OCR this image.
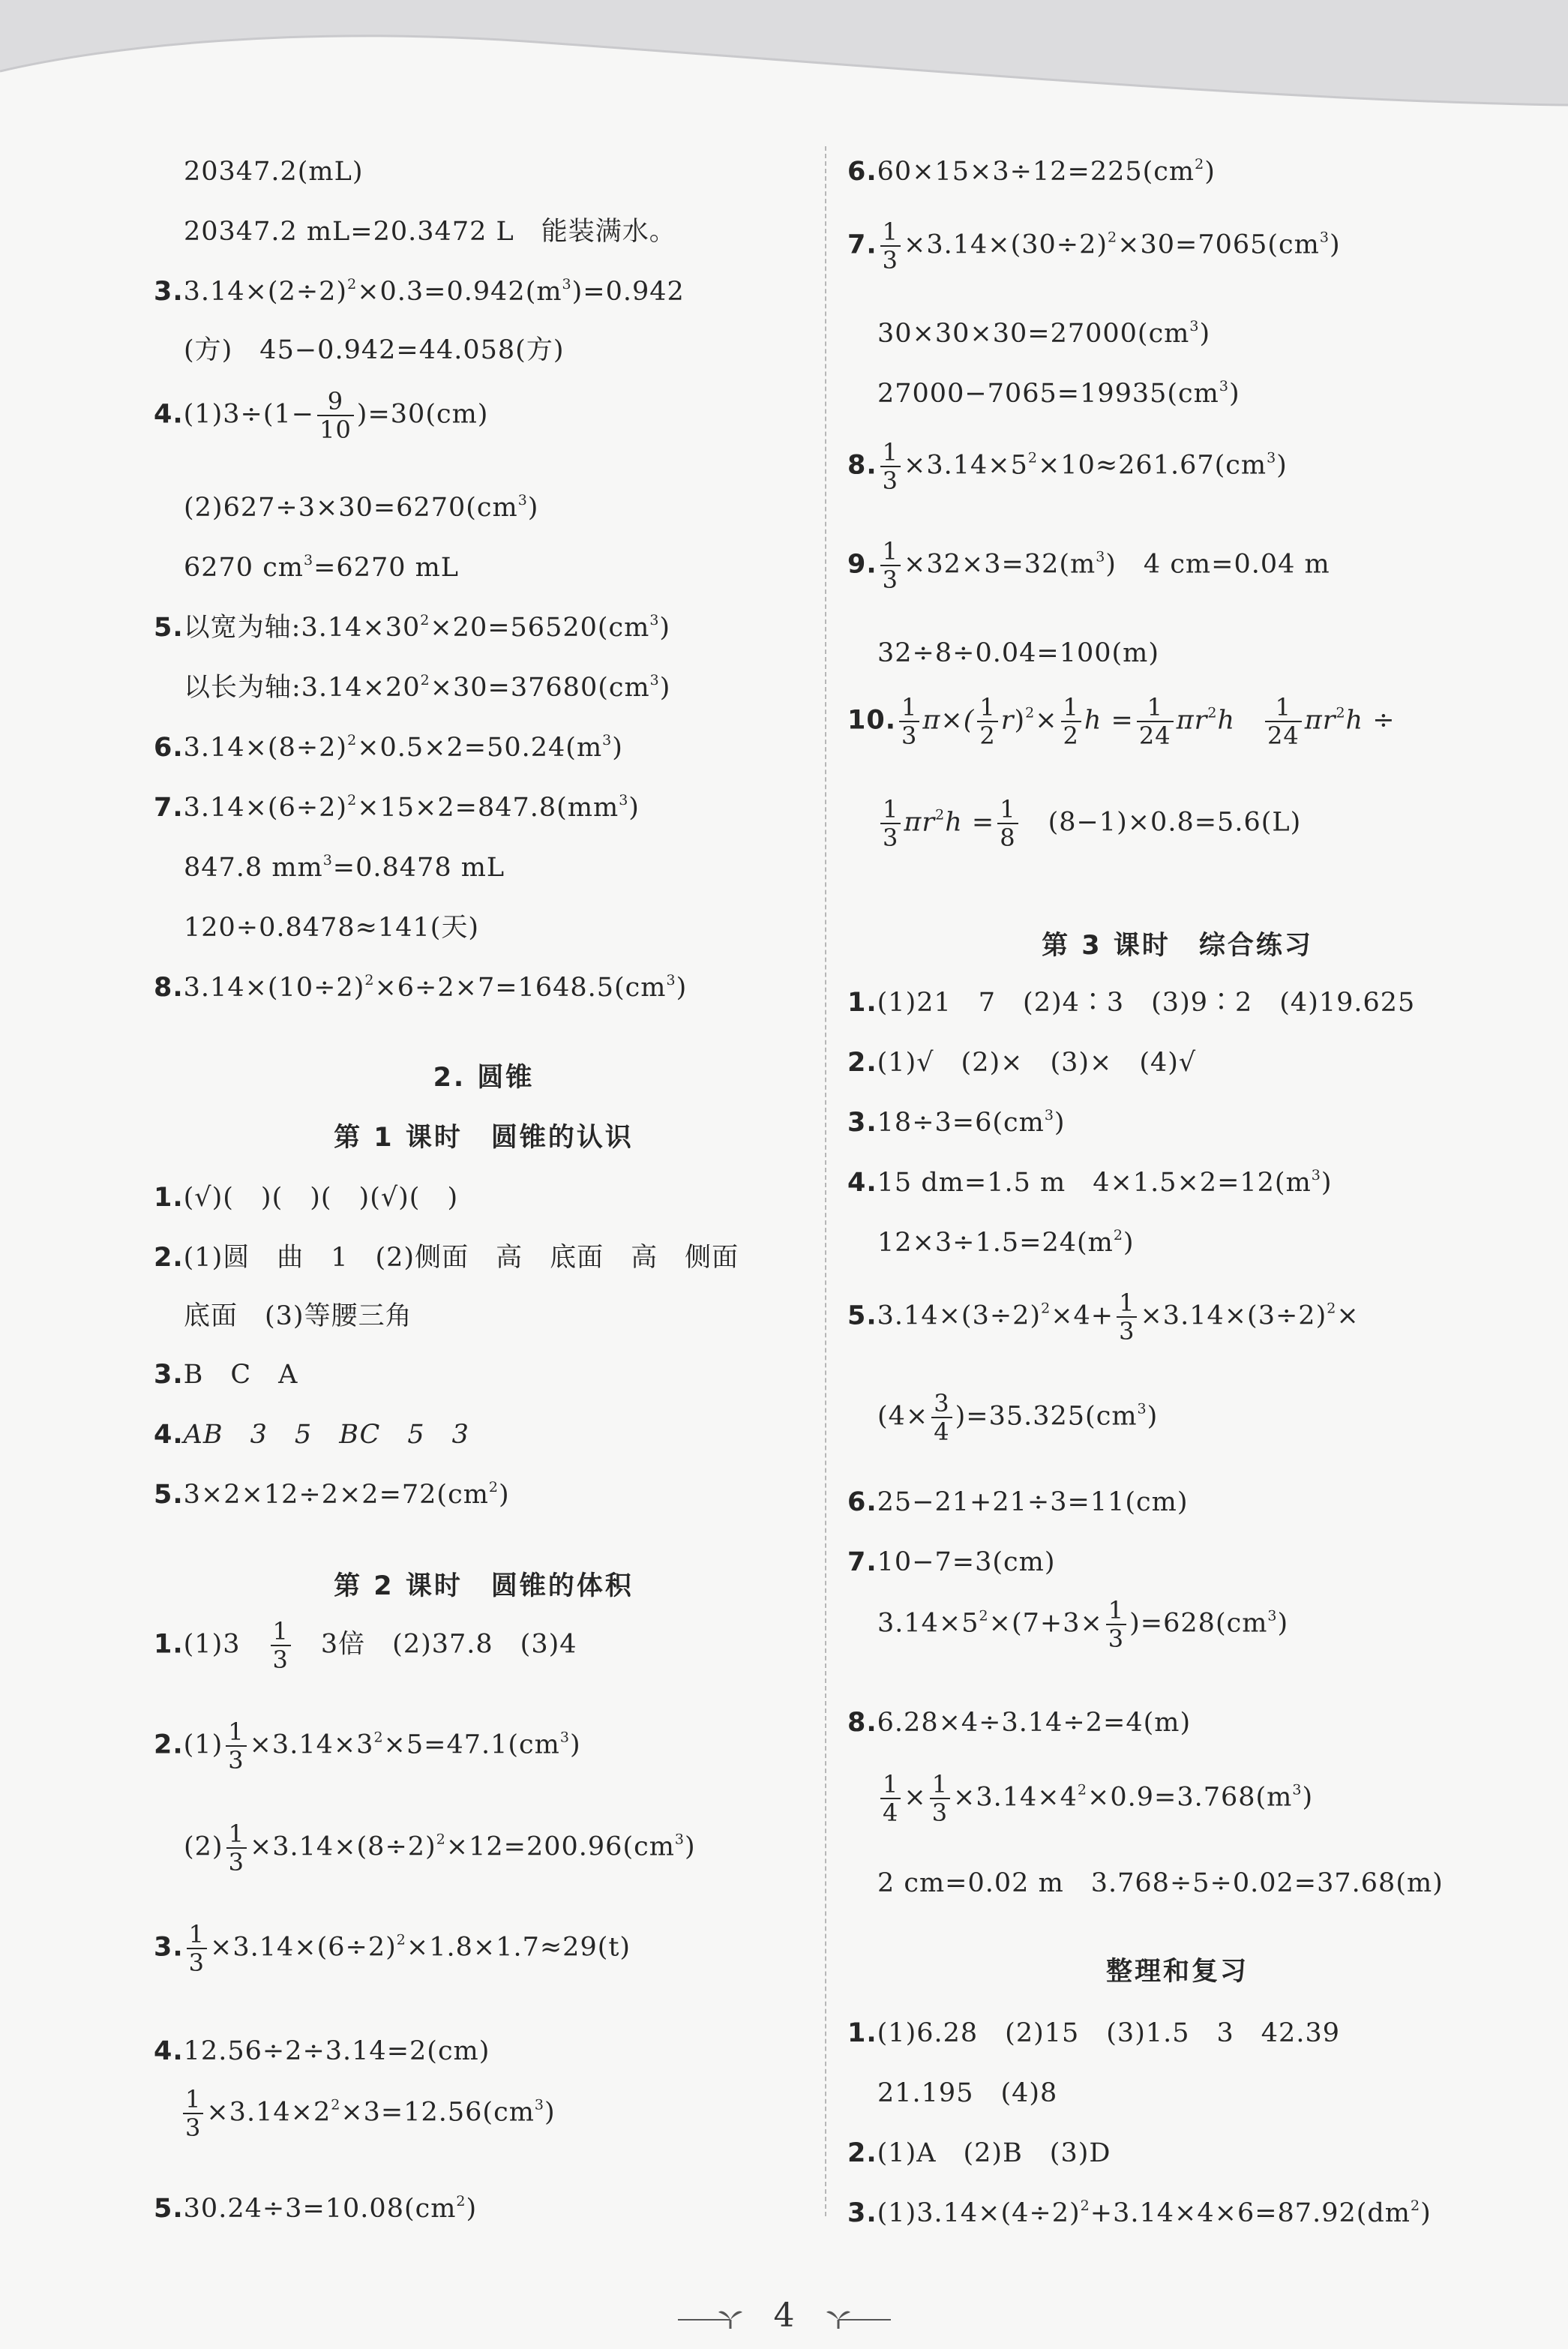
20347.2(mL)
20347.2 mL=20.3472 L　能装满水。
$3.3.14\times(2\div 2)^2\times 0.3=0.942(m^3)=0.942$
(方)　45−0.942=44.058(方)
$4.(1)3\div(1- \frac{9}{10} )=30(cm)$
$(2)627\div 3\times 30=6270(cm^3)$
6270 $cm^3=6270$ mL
5.以宽为轴$:3.14\times 30^2\times 20=56520(cm^3)$
以长为轴$:3.14\times 20^2\times 30=37680(cm^3)$
$6.3.14\times(8\div 2)^2\times 0.5\times 2=50.24(m^3)$
$7.3.14\times(6\div 2)^2\times 15\times 2=847.8(mm^3)$
847.8 $mm^3=0.8478$ mL
120÷0.8478≈141(天)
$8.3.14\times(10\div 2)^2\times 6\div 2\times 7=1648.5(cm^3)$
2. 圆锥
第 1 课时　圆锥的认识
1.(√)(　)(　)(　)(√)(　)
2.(1)圆　曲　1　(2)侧面　高　底面　高　侧面
底面　(3)等腰三角
3.B　C　A
4.AB　3　5　BC　5　3
$5.3\times 2\times 12\div 2\times 2=72(cm^2)$
第 2 课时　圆锥的体积
1.(1)3　 $\frac{1}{3}$
　 3倍　(2)37.8　(3)4
$2.(1) \frac{1}{3} \times 3.14\times 3^2\times 5=47.1(cm^3)$
$(2) \frac{1}{3} \times 3.14\times(8\div 2)^2\times 12=200.96(cm^3)$
3. $\frac{1}{3} \times 3.14\times(6\div 2)^2\times 1.8\times 1.7\approx 29(t)$
4.12.56÷2÷3.14=2(cm)
$\frac{1}{3} \times 3.14\times 2^2\times 3=12.56(cm^3)$
$5.30.24\div 3=10.08(cm^2)$
$6.60\times 15\times 3\div 12=225(cm^2)$
7. $\frac{1}{3} \times 3.14\times(30\div 2)^2\times 30=7065(cm^3)$
$30\times 30\times 30=27000(cm^3)$
$27000-7065=19935(cm^3)$
8. $\frac{1}{3} \times 3.14\times 5^2\times 10\approx 261.67(cm^3)$
9. $\frac{1}{3} \times 32\times 3=32(m^3)$　4 cm=0.04 m
32÷8÷0.04=100(m)
10. $\frac{1}{3} \pi\times( \frac{1}{2} r)^2\times \frac{1}{2}$ $h = \frac{1}{24} \pi r^2h$　 $\frac{1}{24} \pi r^2h$ ÷
$\frac{1}{3} \pi r^2h = \frac{1}{8}$
　 (8−1)×0.8=5.6(L)
第 3 课时　综合练习
1.(1)21　7　(2)4∶3　(3)9∶2　(4)19.625
2.(1)√　(2)×　(3)×　(4)√
$3.18\div 3=6(cm^3)$
4.15 dm=1.5 m　$4\times 1.5\times 2=12(m^3)$
$12\times 3\div 1.5=24(m^2)$
$5.3.14\times(3\div 2)^2\times 4+ \frac{1}{3} \times 3.14\times(3\div 2)^2\times$
$(4\times \frac{3}{4} )=35.325(cm^3)$
6.25−21+21÷3=11(cm)
7.10−7=3(cm)
$3.14\times 5^2\times(7+3\times \frac{1}{3} )=628(cm^3)$
8.6.28×4÷3.14÷2=4(m)
$\frac{1}{4} \times \frac{1}{3} \times 3.14\times 4^2\times 0.9=3.768(m^3)$
2 cm=0.02 m　3.768÷5÷0.02=37.68(m)
整理和复习
1.(1)6.28　(2)15　(3)1.5　3　42.39
21.195　(4)8
2.(1)A　(2)B　(3)D
$3.(1)3.14\times(4\div 2)^2+3.14\times 4\times 6=87.92(dm^2)$
4
